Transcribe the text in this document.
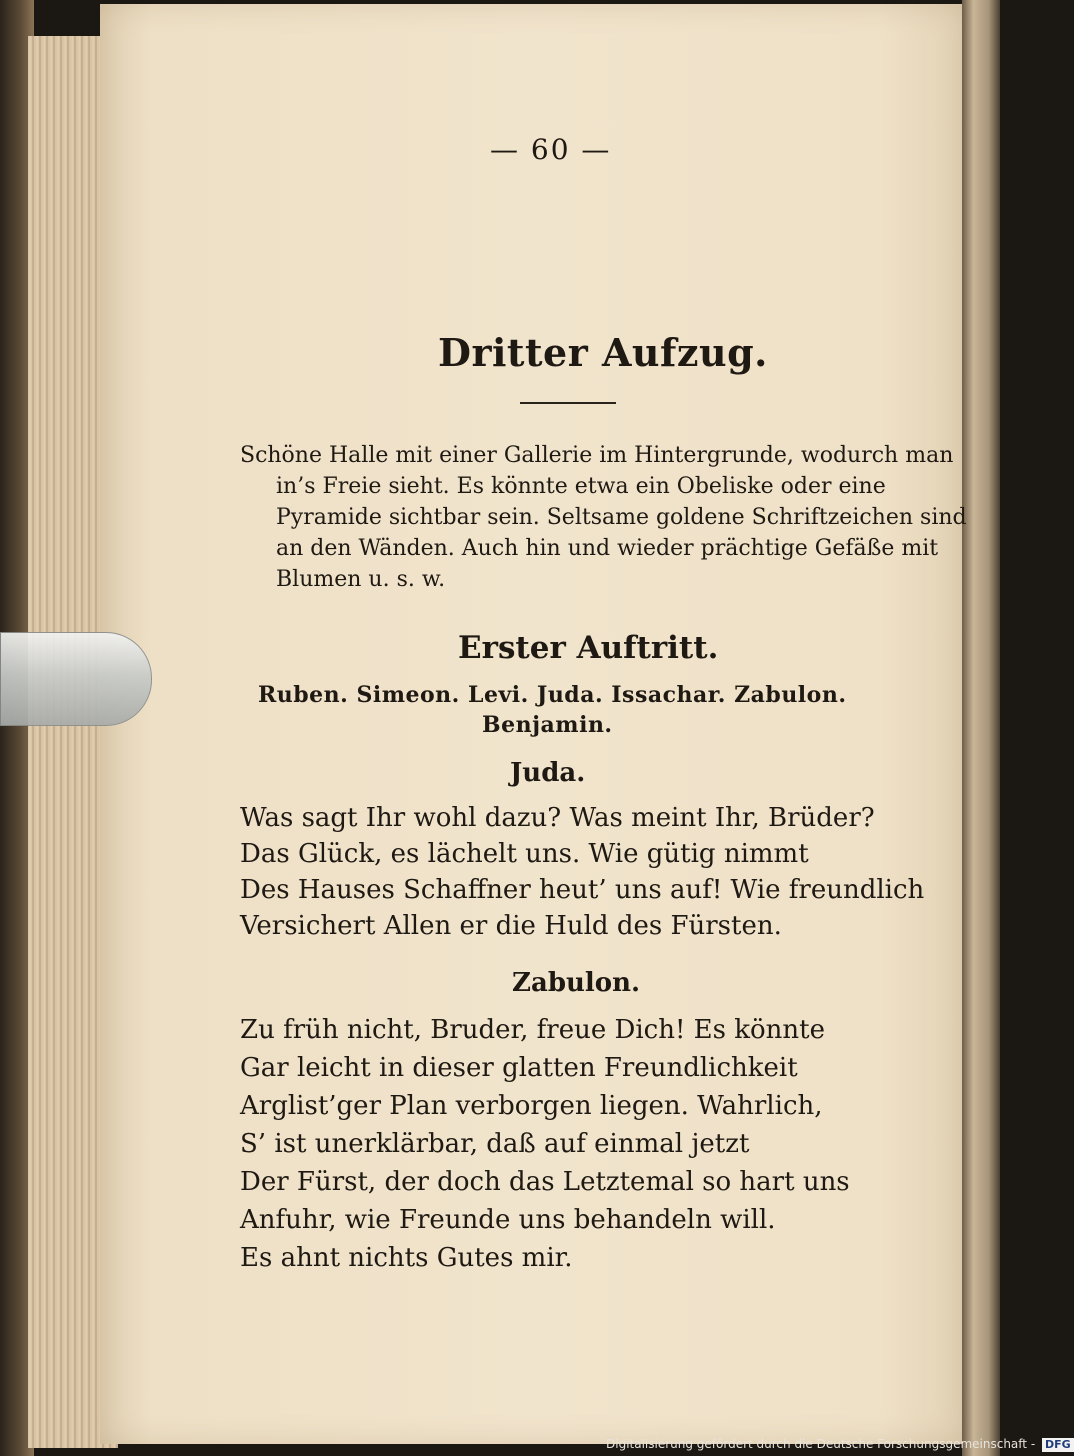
— 60 —
Dritter Aufzug.
Schöne Halle mit einer Gallerie im Hintergrunde, wodurch man
in’s Freie sieht. Es könnte etwa ein Obeliske oder eine
Pyramide sichtbar sein. Seltsame goldene Schriftzeichen sind
an den Wänden. Auch hin und wieder prächtige Gefäße mit
Blumen u. s. w.
Erster Auftritt.
Ruben. Simeon. Levi. Juda. Issachar. Zabulon.
Benjamin.
Juda.
Was sagt Ihr wohl dazu? Was meint Ihr, Brüder?
Das Glück, es lächelt uns. Wie gütig nimmt
Des Hauses Schaffner heut’ uns auf! Wie freundlich
Versichert Allen er die Huld des Fürsten.
Zabulon.
Zu früh nicht, Bruder, freue Dich! Es könnte
Gar leicht in dieser glatten Freundlichkeit
Arglist’ger Plan verborgen liegen. Wahrlich,
S’ ist unerklärbar, daß auf einmal jetzt
Der Fürst, der doch das Letztemal so hart uns
Anfuhr, wie Freunde uns behandeln will.
Es ahnt nichts Gutes mir.
Digitalisierung gefördert durch die Deutsche Forschungsgemeinschaft - DFG
